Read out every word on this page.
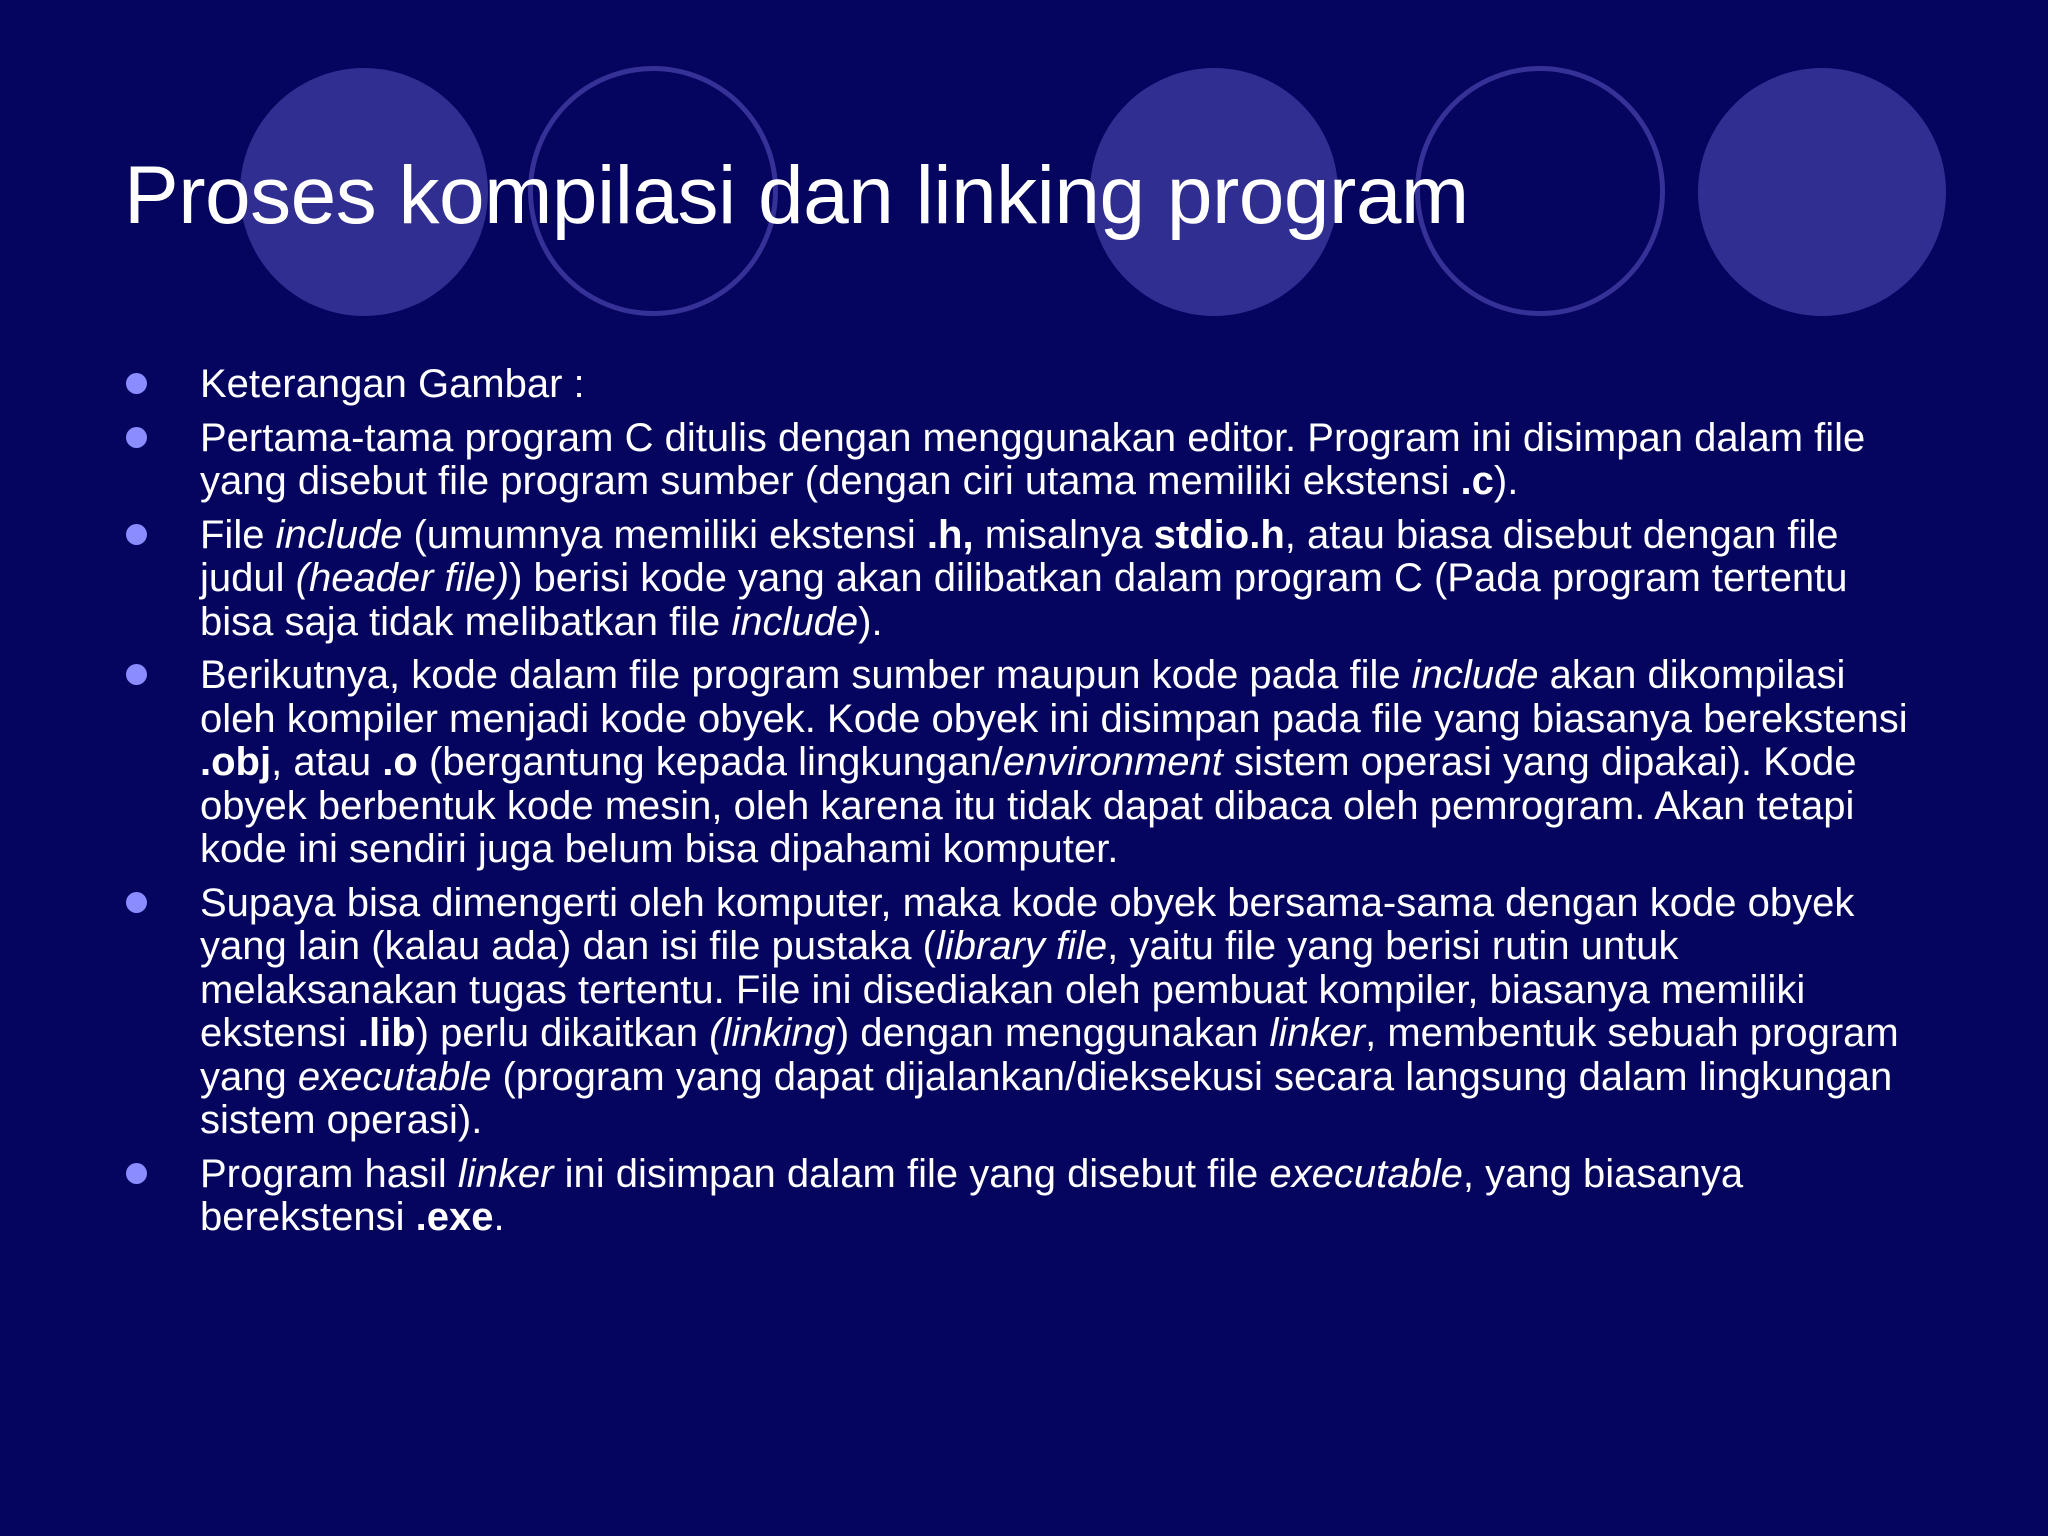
Proses kompilasi dan linking program
Keterangan Gambar :
Pertama-tama program C ditulis dengan menggunakan editor. Program ini disimpan dalam file yang disebut file program sumber (dengan ciri utama memiliki ekstensi .c).
File include (umumnya memiliki ekstensi .h, misalnya stdio.h, atau biasa disebut dengan file judul (header file)) berisi kode yang akan dilibatkan dalam program C (Pada program tertentu bisa saja tidak melibatkan file include).
Berikutnya, kode dalam file program sumber maupun kode pada file include akan dikompilasi oleh kompiler menjadi kode obyek. Kode obyek ini disimpan pada file yang biasanya berekstensi .obj, atau .o (bergantung kepada lingkungan/environment sistem operasi yang dipakai). Kode obyek berbentuk kode mesin, oleh karena itu tidak dapat dibaca oleh pemrogram. Akan tetapi kode ini sendiri juga belum bisa dipahami komputer.
Supaya bisa dimengerti oleh komputer, maka kode obyek bersama-sama dengan kode obyek yang lain (kalau ada) dan isi file pustaka (library file, yaitu file yang berisi rutin untuk melaksanakan tugas tertentu. File ini disediakan oleh pembuat kompiler, biasanya memiliki ekstensi .lib) perlu dikaitkan (linking) dengan menggunakan linker, membentuk sebuah program yang executable (program yang dapat dijalankan/dieksekusi secara langsung dalam lingkungan sistem operasi).
Program hasil linker ini disimpan dalam file yang disebut file executable, yang biasanya berekstensi .exe.
